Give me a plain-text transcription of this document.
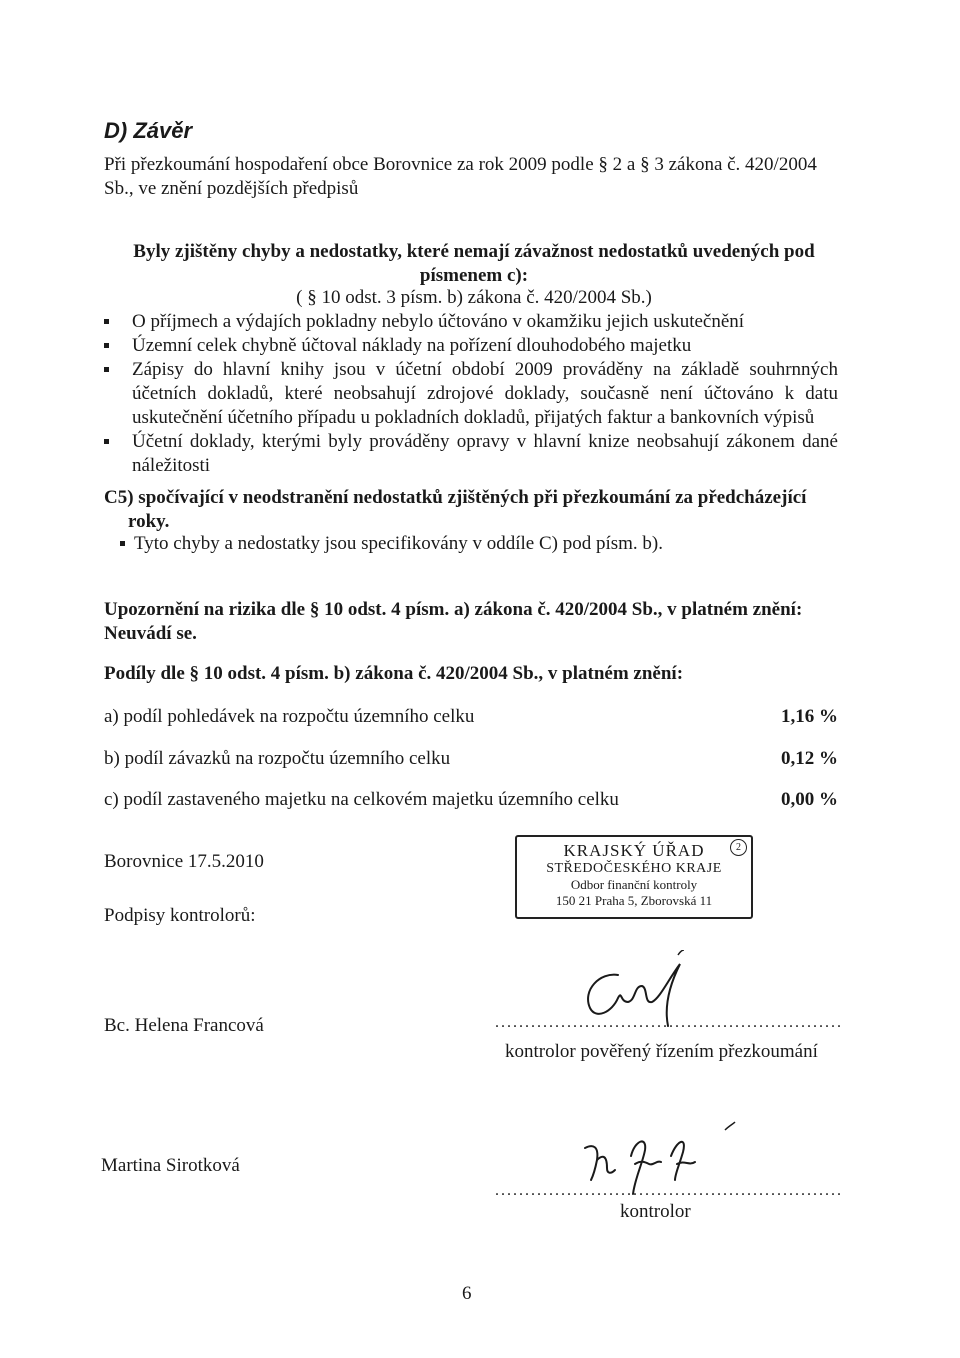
D) Závěr
Při přezkoumání hospodaření obce Borovnice za rok 2009 podle § 2 a § 3 zákona č. 420/2004
Sb., ve znění pozdějších předpisů
Byly zjištěny chyby a nedostatky, které nemají závažnost nedostatků uvedených pod
písmenem c):
( § 10 odst. 3 písm. b) zákona č. 420/2004 Sb.)
O příjmech a výdajích pokladny nebylo účtováno v okamžiku jejich uskutečnění
Územní celek chybně účtoval náklady na pořízení dlouhodobého majetku
Zápisy do hlavní knihy jsou v účetní období 2009 prováděny na základě souhrnných účetních dokladů, které neobsahují zdrojové doklady, současně není účtováno k datu uskutečnění účetního případu u pokladních dokladů, přijatých faktur a bankovních výpisů
Účetní doklady, kterými byly prováděny opravy v hlavní knize neobsahují zákonem dané náležitosti
C5) spočívající v neodstranění nedostatků zjištěných při přezkoumání za předcházející
roky.
Tyto chyby a nedostatky jsou specifikovány v oddíle C) pod písm. b).
Upozornění na rizika dle § 10 odst. 4 písm. a) zákona č. 420/2004 Sb., v platném znění:
Neuvádí se.
Podíly dle § 10 odst. 4 písm. b) zákona č. 420/2004 Sb., v platném znění:
a) podíl pohledávek na rozpočtu územního celku	1,16 %
b) podíl závazků na rozpočtu územního celku	0,12 %
c) podíl zastaveného majetku na celkovém majetku územního celku	0,00 %
Borovnice 17.5.2010
Podpisy kontrolorů:
2
KRAJSKÝ ÚŘAD
STŘEDOČESKÉHO KRAJE
Odbor finanční kontroly
150 21 Praha 5, Zborovská 11
Bc. Helena Francová	..........................................................
kontrolor pověřený řízením přezkoumání
Martina Sirotková
..........................................................
kontrolor
6
